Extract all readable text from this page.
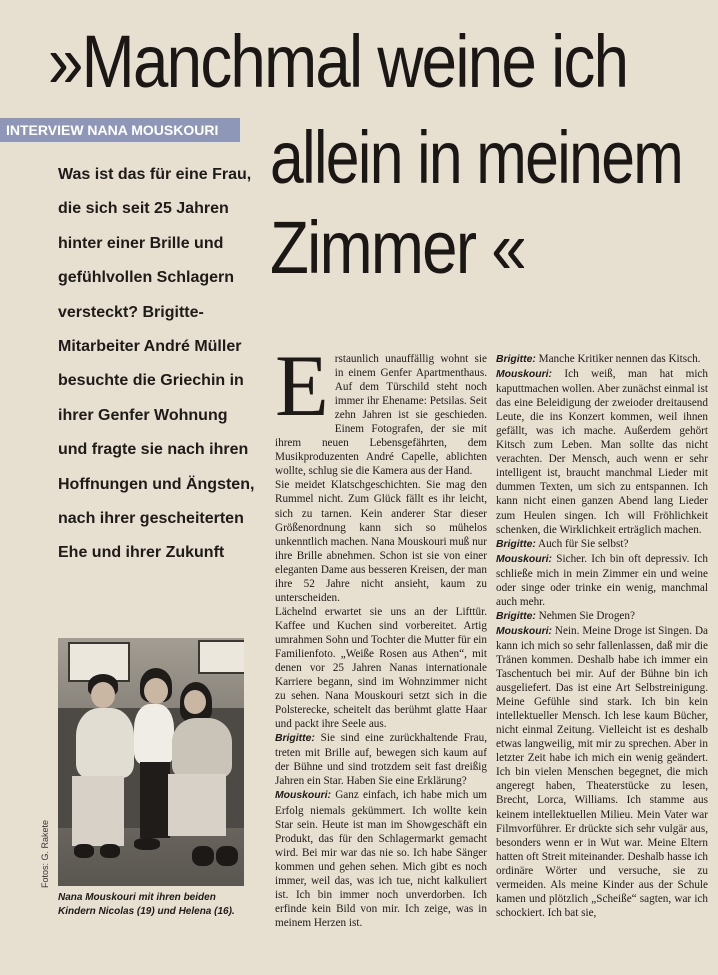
»Manchmal weine ich
allein in meinem
Zimmer «
INTERVIEW NANA MOUSKOURI

Was ist das für eine Frau, die sich seit 25 Jahren hinter einer Brille und gefühlvollen Schlagern versteckt? Brigitte-Mitarbeiter André Müller besuchte die Griechin in ihrer Genfer Wohnung und fragte sie nach ihren Hoffnungen und Ängsten, nach ihrer gescheiterten Ehe und ihrer Zukunft

Fotos: G. Rakete

Nana Mouskouri mit ihren beiden Kindern Nicolas (19) und Helena (16).

Erstaunlich unauffällig wohnt sie in einem Genfer Apartmenthaus. Auf dem Türschild steht noch immer ihr Ehename: Petsilas. Seit zehn Jahren ist sie geschieden. Einem Fotografen, der sie mit ihrem neuen Lebensgefährten, dem Musikproduzenten André Capelle, ablichten wollte, schlug sie die Kamera aus der Hand.

Sie meidet Klatschgeschichten. Sie mag den Rummel nicht. Zum Glück fällt es ihr leicht, sich zu tarnen. Kein anderer Star dieser Größenordnung kann sich so mühelos unkenntlich machen. Nana Mouskouri muß nur ihre Brille abnehmen. Schon ist sie von einer eleganten Dame aus besseren Kreisen, der man ihre 52 Jahre nicht ansieht, kaum zu unterscheiden.

Lächelnd erwartet sie uns an der Lifttür. Kaffee und Kuchen sind vorbereitet. Artig umrahmen Sohn und Tochter die Mutter für ein Familienfoto. „Weiße Rosen aus Athen“, mit denen vor 25 Jahren Nanas internationale Karriere begann, sind im Wohnzimmer nicht zu sehen. Nana Mouskouri setzt sich in die Polsterecke, scheitelt das berühmt glatte Haar und packt ihre Seele aus.

Brigitte: Sie sind eine zurückhaltende Frau, treten mit Brille auf, bewegen sich kaum auf der Bühne und sind trotzdem seit fast dreißig Jahren ein Star. Haben Sie eine Erklärung?

Mouskouri: Ganz einfach, ich habe mich um Erfolg niemals gekümmert. Ich wollte kein Star sein. Heute ist man im Showgeschäft ein Produkt, das für den Schlagermarkt gemacht wird. Bei mir war das nie so. Ich habe Sänger kommen und gehen sehen. Mich gibt es noch immer, weil das, was ich tue, nicht kalkuliert ist. Ich bin immer noch unverdorben. Ich erfinde kein Bild von mir. Ich zeige, was in meinem Herzen ist.

Brigitte: Manche Kritiker nennen das Kitsch.

Mouskouri: Ich weiß, man hat mich kaputtmachen wollen. Aber zunächst einmal ist das eine Beleidigung der zweioder dreitausend Leute, die ins Konzert kommen, weil ihnen gefällt, was ich mache. Außerdem gehört Kitsch zum Leben. Man sollte das nicht verachten. Der Mensch, auch wenn er sehr intelligent ist, braucht manchmal Lieder mit dummen Texten, um sich zu entspannen. Ich kann nicht einen ganzen Abend lang Lieder zum Heulen singen. Ich will Fröhlichkeit schenken, die Wirklichkeit erträglich machen.

Brigitte: Auch für Sie selbst?

Mouskouri: Sicher. Ich bin oft depressiv. Ich schließe mich in mein Zimmer ein und weine oder singe oder trinke ein wenig, manchmal auch mehr.

Brigitte: Nehmen Sie Drogen?

Mouskouri: Nein. Meine Droge ist Singen. Da kann ich mich so sehr fallenlassen, daß mir die Tränen kommen. Deshalb habe ich immer ein Taschentuch bei mir. Auf der Bühne bin ich ausgeliefert. Das ist eine Art Selbstreinigung. Meine Gefühle sind stark. Ich bin kein intellektueller Mensch. Ich lese kaum Bücher, nicht einmal Zeitung. Vielleicht ist es deshalb etwas langweilig, mit mir zu sprechen. Aber in letzter Zeit habe ich mich ein wenig geändert. Ich bin vielen Menschen begegnet, die mich angeregt haben, Theaterstücke zu lesen, Brecht, Lorca, Williams. Ich stamme aus keinem intellektuellen Milieu. Mein Vater war Filmvorführer. Er drückte sich sehr vulgär aus, besonders wenn er in Wut war. Meine Eltern hatten oft Streit miteinander. Deshalb hasse ich ordinäre Wörter und versuche, sie zu vermeiden. Als meine Kinder aus der Schule kamen und plötzlich „Scheiße“ sagten, war ich schockiert. Ich bat sie,
